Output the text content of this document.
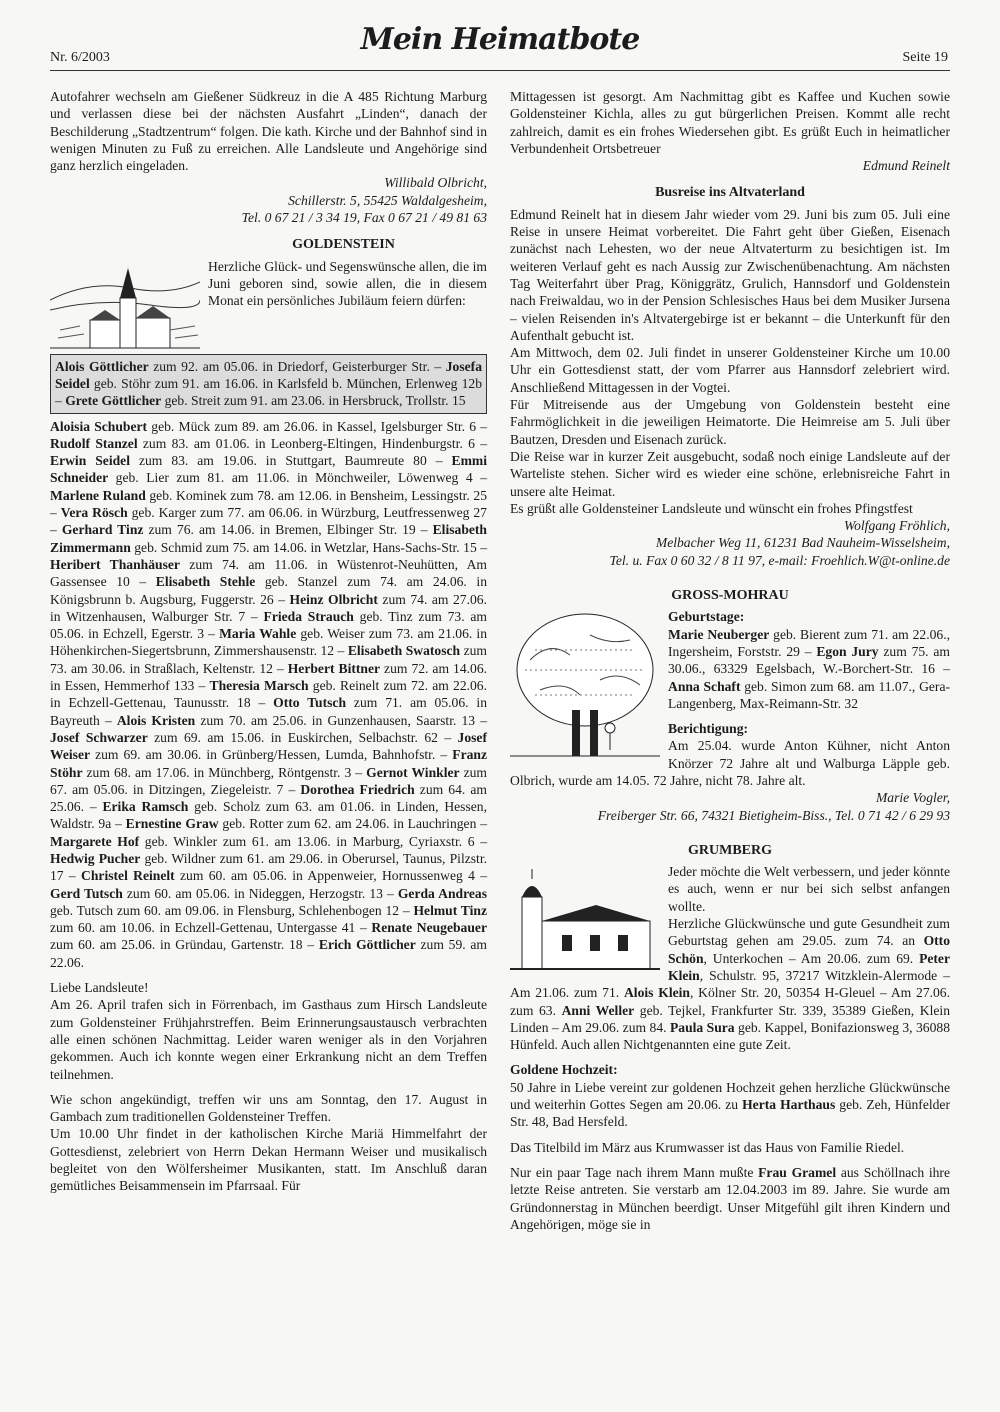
Nr. 6/2003
Mein Heimatbote
Seite 19

Autofahrer wechseln am Gießener Südkreuz in die A 485 Richtung Marburg und verlassen diese bei der nächsten Ausfahrt „Linden“, danach der Beschilderung „Stadtzentrum“ folgen. Die kath. Kirche und der Bahnhof sind in wenigen Minuten zu Fuß zu erreichen. Alle Landsleute und Angehörige sind ganz herzlich eingeladen.

Willibald Olbricht,

Schillerstr. 5, 55425 Waldalgesheim,

Tel. 0 67 21 / 3 34 19, Fax 0 67 21 / 49 81 63

GOLDENSTEIN

Herzliche Glück- und Segenswünsche allen, die im Juni geboren sind, sowie allen, die in diesem Monat ein persönliches Jubiläum feiern dürfen:

Alois Göttlicher zum 92. am 05.06. in Driedorf, Geisterburger Str. – Josefa Seidel geb. Stöhr zum 91. am 16.06. in Karlsfeld b. München, Erlenweg 12b – Grete Göttlicher geb. Streit zum 91. am 23.06. in Hersbruck, Trollstr. 15

Aloisia Schubert geb. Mück zum 89. am 26.06. in Kassel, Igelsburger Str. 6 – Rudolf Stanzel zum 83. am 01.06. in Leonberg-Eltingen, Hindenburgstr. 6 – Erwin Seidel zum 83. am 19.06. in Stuttgart, Baumreute 80 – Emmi Schneider geb. Lier zum 81. am 11.06. in Mönchweiler, Löwenweg 4 – Marlene Ruland geb. Kominek zum 78. am 12.06. in Bensheim, Lessingstr. 25 – Vera Rösch geb. Karger zum 77. am 06.06. in Würzburg, Leutfressenweg 27 – Gerhard Tinz zum 76. am 14.06. in Bremen, Elbinger Str. 19 – Elisabeth Zimmermann geb. Schmid zum 75. am 14.06. in Wetzlar, Hans-Sachs-Str. 15 – Heribert Thanhäuser zum 74. am 11.06. in Wüstenrot-Neuhütten, Am Gassensee 10 – Elisabeth Stehle geb. Stanzel zum 74. am 24.06. in Königsbrunn b. Augsburg, Fuggerstr. 26 – Heinz Olbricht zum 74. am 27.06. in Witzenhausen, Walburger Str. 7 – Frieda Strauch geb. Tinz zum 73. am 05.06. in Echzell, Egerstr. 3 – Maria Wahle geb. Weiser zum 73. am 21.06. in Höhenkirchen-Siegertsbrunn, Zimmershausenstr. 12 – Elisabeth Swatosch zum 73. am 30.06. in Straßlach, Keltenstr. 12 – Herbert Bittner zum 72. am 14.06. in Essen, Hemmerhof 133 – Theresia Marsch geb. Reinelt zum 72. am 22.06. in Echzell-Gettenau, Taunusstr. 18 – Otto Tutsch zum 71. am 05.06. in Bayreuth – Alois Kristen zum 70. am 25.06. in Gunzenhausen, Saarstr. 13 – Josef Schwarzer zum 69. am 15.06. in Euskirchen, Selbachstr. 62 – Josef Weiser zum 69. am 30.06. in Grünberg/Hessen, Lumda, Bahnhofstr. – Franz Stöhr zum 68. am 17.06. in Münchberg, Röntgenstr. 3 – Gernot Winkler zum 67. am 05.06. in Ditzingen, Ziegeleistr. 7 – Dorothea Friedrich zum 64. am 25.06. – Erika Ramsch geb. Scholz zum 63. am 01.06. in Linden, Hessen, Waldstr. 9a – Ernestine Graw geb. Rotter zum 62. am 24.06. in Lauchringen – Margarete Hof geb. Winkler zum 61. am 13.06. in Marburg, Cyriaxstr. 6 – Hedwig Pucher geb. Wildner zum 61. am 29.06. in Oberursel, Taunus, Pilzstr. 17 – Christel Reinelt zum 60. am 05.06. in Appenweier, Hornussenweg 4 – Gerd Tutsch zum 60. am 05.06. in Nideggen, Herzogstr. 13 – Gerda Andreas geb. Tutsch zum 60. am 09.06. in Flensburg, Schlehenbogen 12 – Helmut Tinz zum 60. am 10.06. in Echzell-Gettenau, Untergasse 41 – Renate Neugebauer zum 60. am 25.06. in Gründau, Gartenstr. 18 – Erich Göttlicher zum 59. am 22.06.

Liebe Landsleute!

Am 26. April trafen sich in Förrenbach, im Gasthaus zum Hirsch Landsleute zum Goldensteiner Frühjahrstreffen. Beim Erinnerungsaustausch verbrachten alle einen schönen Nachmittag. Leider waren weniger als in den Vorjahren gekommen. Auch ich konnte wegen einer Erkrankung nicht an dem Treffen teilnehmen.

Wie schon angekündigt, treffen wir uns am Sonntag, den 17. August in Gambach zum traditionellen Goldensteiner Treffen.

Um 10.00 Uhr findet in der katholischen Kirche Mariä Himmelfahrt der Gottesdienst, zelebriert von Herrn Dekan Hermann Weiser und musikalisch begleitet von den Wölfersheimer Musikanten, statt. Im Anschluß daran gemütliches Beisammensein im Pfarrsaal. Für

Mittagessen ist gesorgt. Am Nachmittag gibt es Kaffee und Kuchen sowie Goldensteiner Kichla, alles zu gut bürgerlichen Preisen. Kommt alle recht zahlreich, damit es ein frohes Wiedersehen gibt. Es grüßt Euch in heimatlicher Verbundenheit Ortsbetreuer

Edmund Reinelt

Busreise ins Altvaterland

Edmund Reinelt hat in diesem Jahr wieder vom 29. Juni bis zum 05. Juli eine Reise in unsere Heimat vorbereitet. Die Fahrt geht über Gießen, Eisenach zunächst nach Lehesten, wo der neue Altvaterturm zu besichtigen ist. Im weiteren Verlauf geht es nach Aussig zur Zwischenübenachtung. Am nächsten Tag Weiterfahrt über Prag, Königgrätz, Grulich, Hannsdorf und Goldenstein nach Freiwaldau, wo in der Pension Schlesisches Haus bei dem Musiker Jursena – vielen Reisenden in's Altvatergebirge ist er bekannt – die Unterkunft für den Aufenthalt gebucht ist.

Am Mittwoch, dem 02. Juli findet in unserer Goldensteiner Kirche um 10.00 Uhr ein Gottesdienst statt, der vom Pfarrer aus Hannsdorf zelebriert wird. Anschließend Mittagessen in der Vogtei.

Für Mitreisende aus der Umgebung von Goldenstein besteht eine Fahrmöglichkeit in die jeweiligen Heimatorte. Die Heimreise am 5. Juli über Bautzen, Dresden und Eisenach zurück.

Die Reise war in kurzer Zeit ausgebucht, sodaß noch einige Landsleute auf der Warteliste stehen. Sicher wird es wieder eine schöne, erlebnisreiche Fahrt in unsere alte Heimat.

Es grüßt alle Goldensteiner Landsleute und wünscht ein frohes Pfingstfest

Wolfgang Fröhlich,

Melbacher Weg 11, 61231 Bad Nauheim-Wisselsheim,

Tel. u. Fax 0 60 32 / 8 11 97, e-mail: Froehlich.W@t-online.de

GROSS-MOHRAU

Geburtstage:

Marie Neuberger geb. Bierent zum 71. am 22.06., Ingersheim, Forststr. 29 – Egon Jury zum 75. am 30.06., 63329 Egelsbach, W.-Borchert-Str. 16 – Anna Schaft geb. Simon zum 68. am 11.07., Gera-Langenberg, Max-Reimann-Str. 32

Berichtigung:

Am 25.04. wurde Anton Kühner, nicht Anton Knörzer 72 Jahre alt und Walburga Läpple geb. Olbrich, wurde am 14.05. 72 Jahre, nicht 78. Jahre alt.

Marie Vogler,

Freiberger Str. 66, 74321 Bietigheim-Biss., Tel. 0 71 42 / 6 29 93

GRUMBERG

Jeder möchte die Welt verbessern, und jeder könnte es auch, wenn er nur bei sich selbst anfangen wollte.

Herzliche Glückwünsche und gute Gesundheit zum Geburtstag gehen am 29.05. zum 74. an Otto Schön, Unterkochen – Am 20.06. zum 69. Peter Klein, Schulstr. 95, 37217 Witzklein-Alermode – Am 21.06. zum 71. Alois Klein, Kölner Str. 20, 50354 H-Gleuel – Am 27.06. zum 63. Anni Weller geb. Tejkel, Frankfurter Str. 339, 35389 Gießen, Klein Linden – Am 29.06. zum 84. Paula Sura geb. Kappel, Bonifazionsweg 3, 36088 Hünfeld. Auch allen Nichtgenannten eine gute Zeit.

Goldene Hochzeit:

50 Jahre in Liebe vereint zur goldenen Hochzeit gehen herzliche Glückwünsche und weiterhin Gottes Segen am 20.06. zu Herta Harthaus geb. Zeh, Hünfelder Str. 48, Bad Hersfeld.

Das Titelbild im März aus Krumwasser ist das Haus von Familie Riedel.

Nur ein paar Tage nach ihrem Mann mußte Frau Gramel aus Schöllnach ihre letzte Reise antreten. Sie verstarb am 12.04.2003 im 89. Jahre. Sie wurde am Gründonnerstag in München beerdigt. Unser Mitgefühl gilt ihren Kindern und Angehörigen, möge sie in
